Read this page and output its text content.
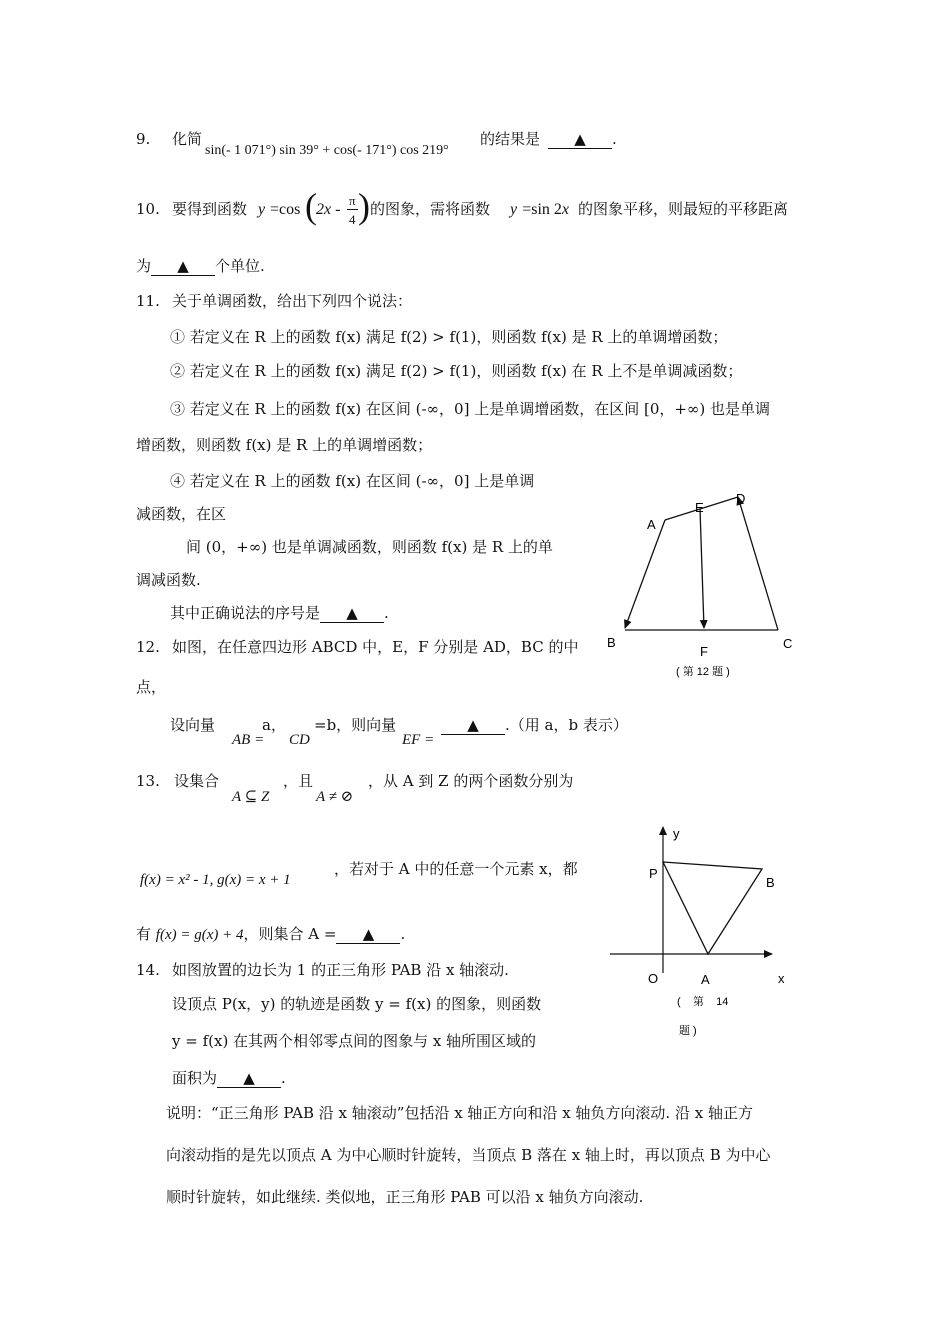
9. 化简
sin(- 1 071°) sin 39° + cos(- 171°) cos 219°
的结果是	▲ .
10. 要得到函数 y =cos ( 2x -
π
4 ) 的图象，需将函数 y =sin 2x 的图象平移，则最短的平移距离
为 ▲ 个单位.
11. 关于单调函数，给出下列四个说法：
① 若定义在 R 上的函数 f(x) 满足 f(2) > f(1)，则函数 f(x) 是 R 上的单调增函数；
② 若定义在 R 上的函数 f(x) 满足 f(2) > f(1)，则函数 f(x) 在 R 上不是单调减函数；
③ 若定义在 R 上的函数 f(x) 在区间 (-∞，0] 上是单调增函数，在区间 [0，+∞) 也是单调
增函数，则函数 f(x) 是 R 上的单调增函数；
④ 若定义在 R 上的函数 f(x) 在区间 (-∞，0] 上是单调
减函数，在区
间 (0，+∞) 也是单调减函数，则函数 f(x) 是 R 上的单
调减函数.
其中正确说法的序号是 ▲ .
A
E
D
B	C
F
( 第 12 题 )
12. 如图，在任意四边形 ABCD 中，E，F 分别是 AD，BC 的中
点，
设向量
AB =
a，
CD
=b，则向量
EF =
▲ .（用 a，b 表示）
13. 设集合
A ⊆ Z
，且
A ≠ ⊘
，从 A 到 Z 的两个函数分别为
f(x) = x² - 1, g(x) = x + 1
，若对于 A 中的任意一个元素 x，都
有 f(x) = g(x) + 4，则集合 A = ▲ .
y
x
O
P
B
A
(    第    14
题 )
14. 如图放置的边长为 1 的正三角形 PAB 沿 x 轴滚动.
设顶点 P(x，y) 的轨迹是函数 y = f(x) 的图象，则函数
y = f(x) 在其两个相邻零点间的图象与 x 轴所围区域的
面积为 ▲ .
说明：“正三角形 PAB 沿 x 轴滚动”包括沿 x 轴正方向和沿 x 轴负方向滚动. 沿 x 轴正方
向滚动指的是先以顶点 A 为中心顺时针旋转，当顶点 B 落在 x 轴上时，再以顶点 B 为中心
顺时针旋转，如此继续. 类似地，正三角形 PAB 可以沿 x 轴负方向滚动.
